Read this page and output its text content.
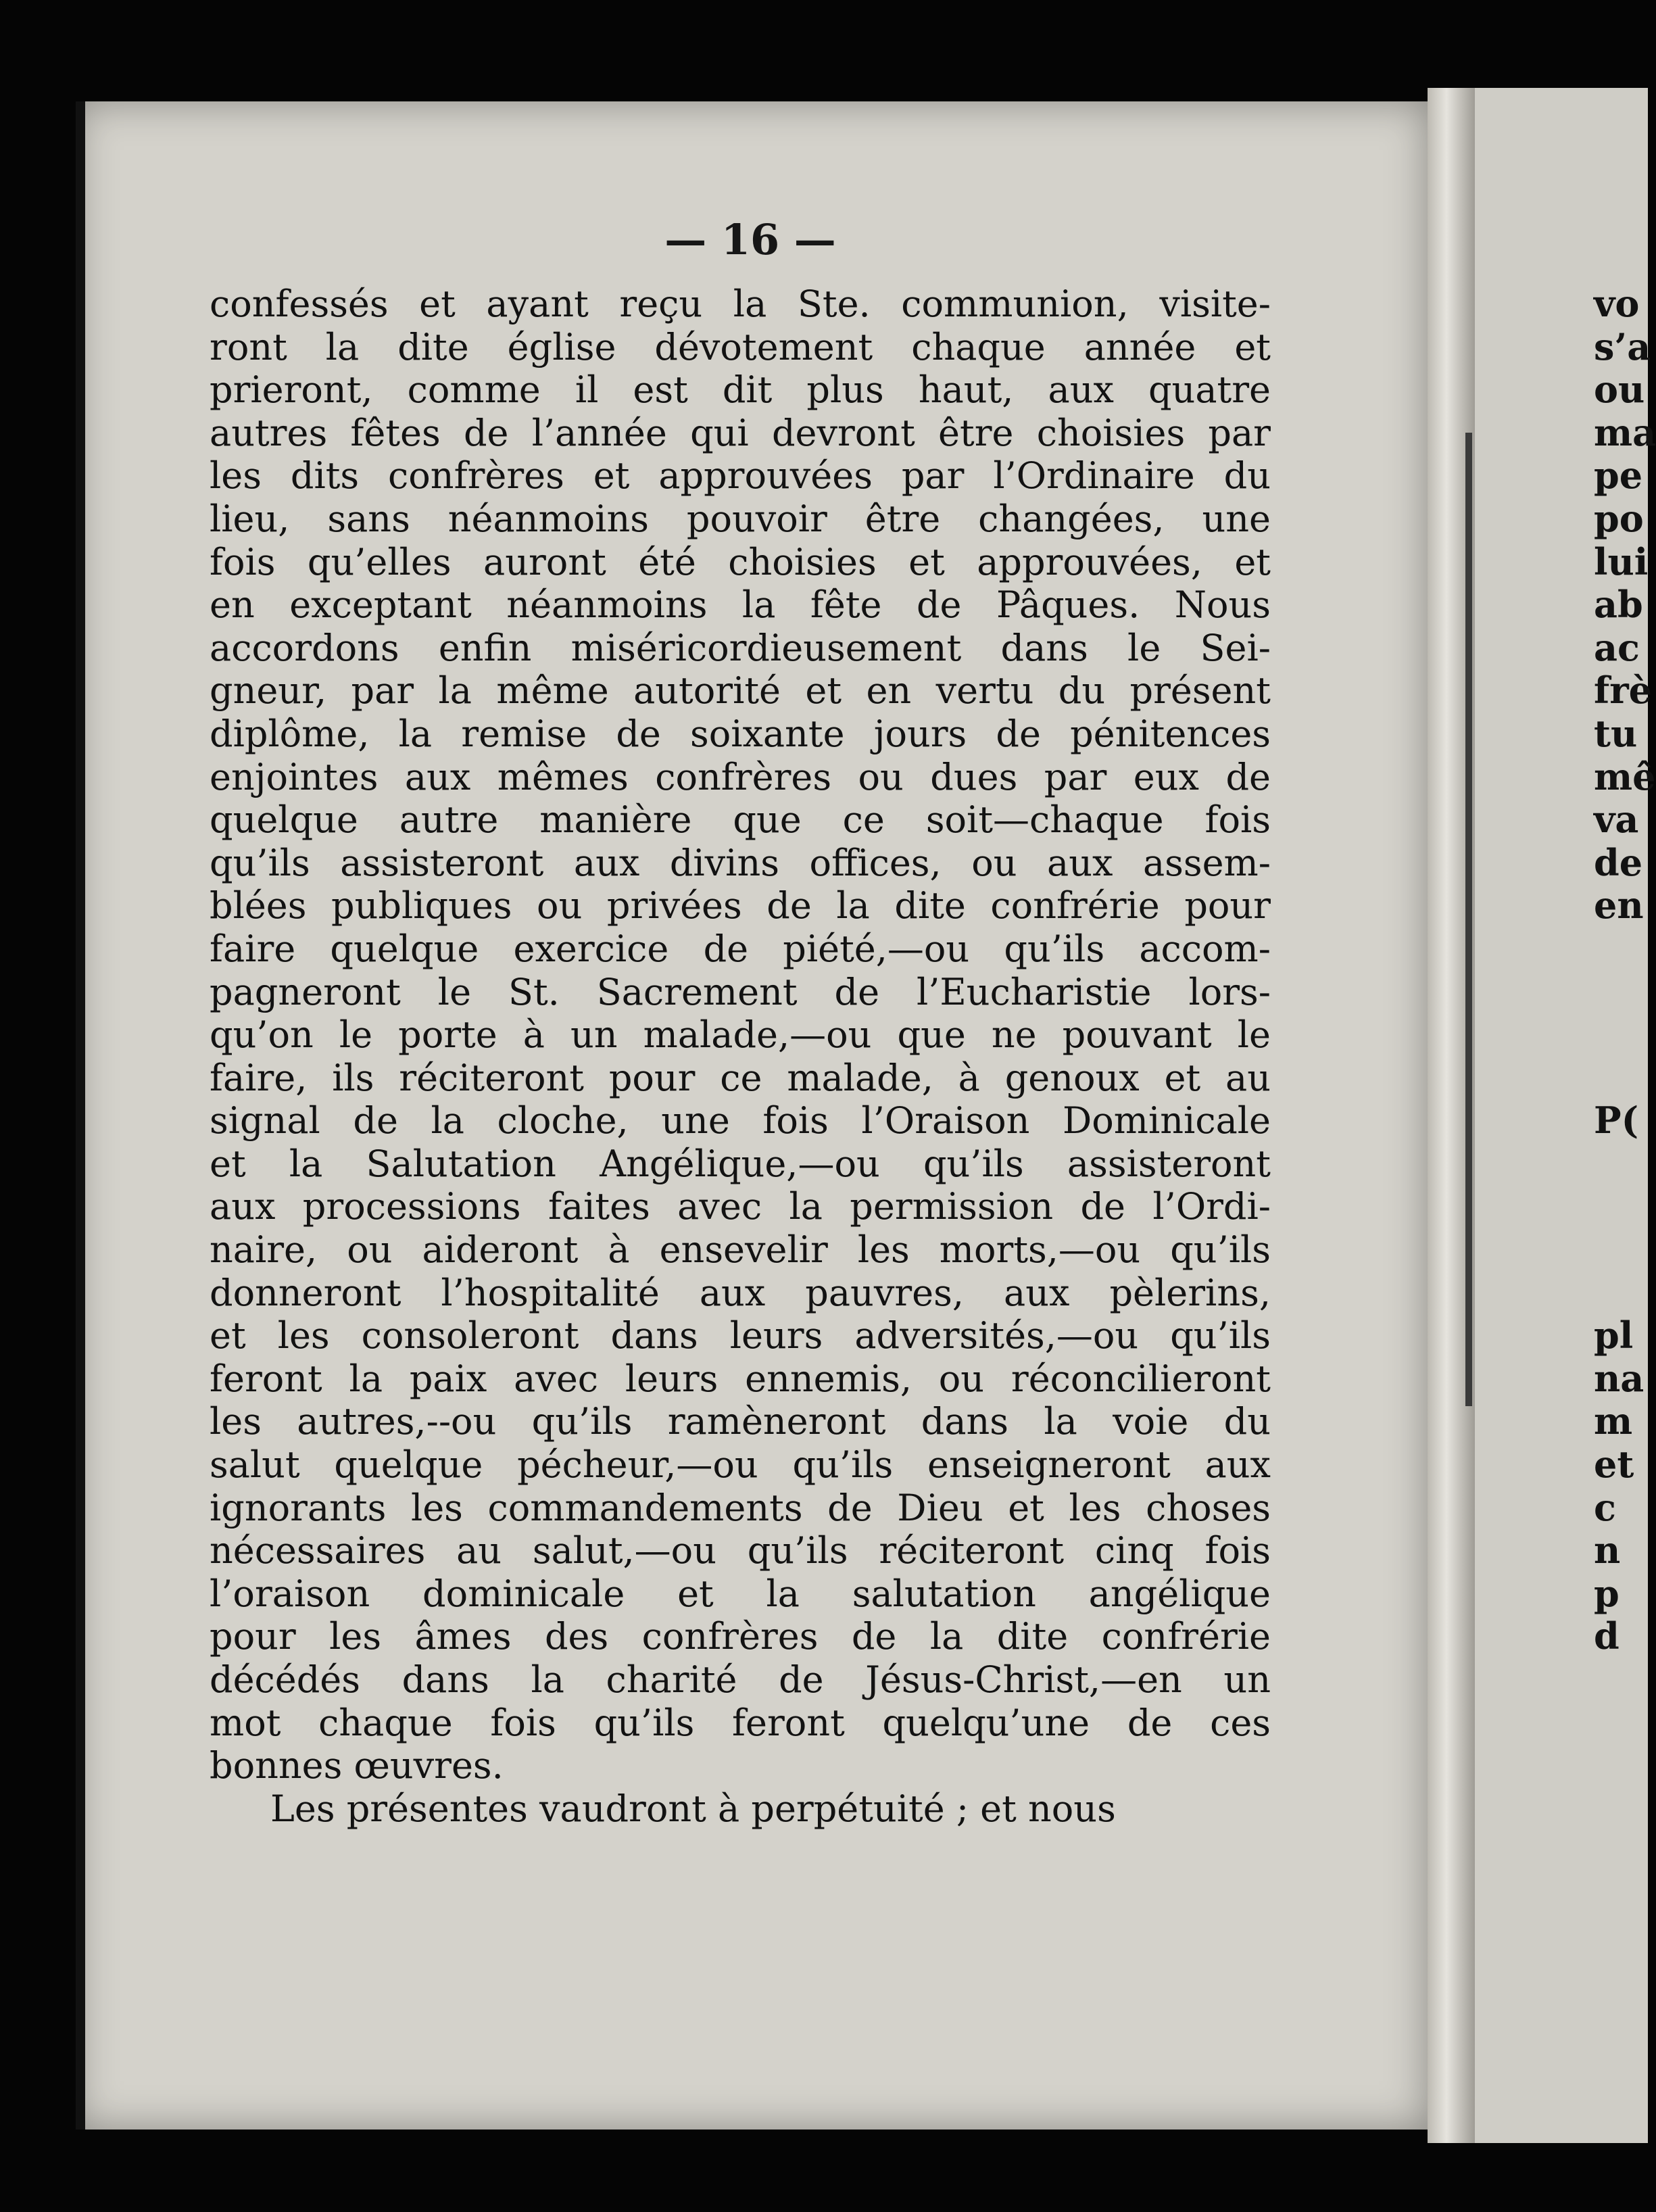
— 16 —
confessés et ayant reçu la Ste. communion, visite-
ront la dite église dévotement chaque année et
prieront, comme il est dit plus haut, aux quatre
autres fêtes de l’année qui devront être choisies par
les dits confrères et approuvées par l’Ordinaire du
lieu, sans néanmoins pouvoir être changées, une
fois qu’elles auront été choisies et approuvées, et
en exceptant néanmoins la fête de Pâques. Nous
accordons enfin miséricordieusement dans le Sei-
gneur, par la même autorité et en vertu du présent
diplôme, la remise de soixante jours de pénitences
enjointes aux mêmes confrères ou dues par eux de
quelque autre manière que ce soit—chaque fois
qu’ils assisteront aux divins offices, ou aux assem-
blées publiques ou privées de la dite confrérie pour
faire quelque exercice de piété,—ou qu’ils accom-
pagneront le St. Sacrement de l’Eucharistie lors-
qu’on le porte à un malade,—ou que ne pouvant le
faire, ils réciteront pour ce malade, à genoux et au
signal de la cloche, une fois l’Oraison Dominicale
et la Salutation Angélique,—ou qu’ils assisteront
aux processions faites avec la permission de l’Ordi-
naire, ou aideront à ensevelir les morts,—ou qu’ils
donneront l’hospitalité aux pauvres, aux pèlerins,
et les consoleront dans leurs adversités,—ou qu’ils
feront la paix avec leurs ennemis, ou réconcilieront
les autres,--ou qu’ils ramèneront dans la voie du
salut quelque pécheur,—ou qu’ils enseigneront aux
ignorants les commandements de Dieu et les choses
nécessaires au salut,—ou qu’ils réciteront cinq fois
l’oraison dominicale et la salutation angélique
pour les âmes des confrères de la dite confrérie
décédés dans la charité de Jésus-Christ,—en un
mot chaque fois qu’ils feront quelqu’une de ces
bonnes œuvres.
Les présentes vaudront à perpétuité ; et nous
vo
s’a
ou
ma
pe
po
lui
ab
ac
frè
tu
mê
va
de
en
P(
pl
na
m
et
c
n
p
d
